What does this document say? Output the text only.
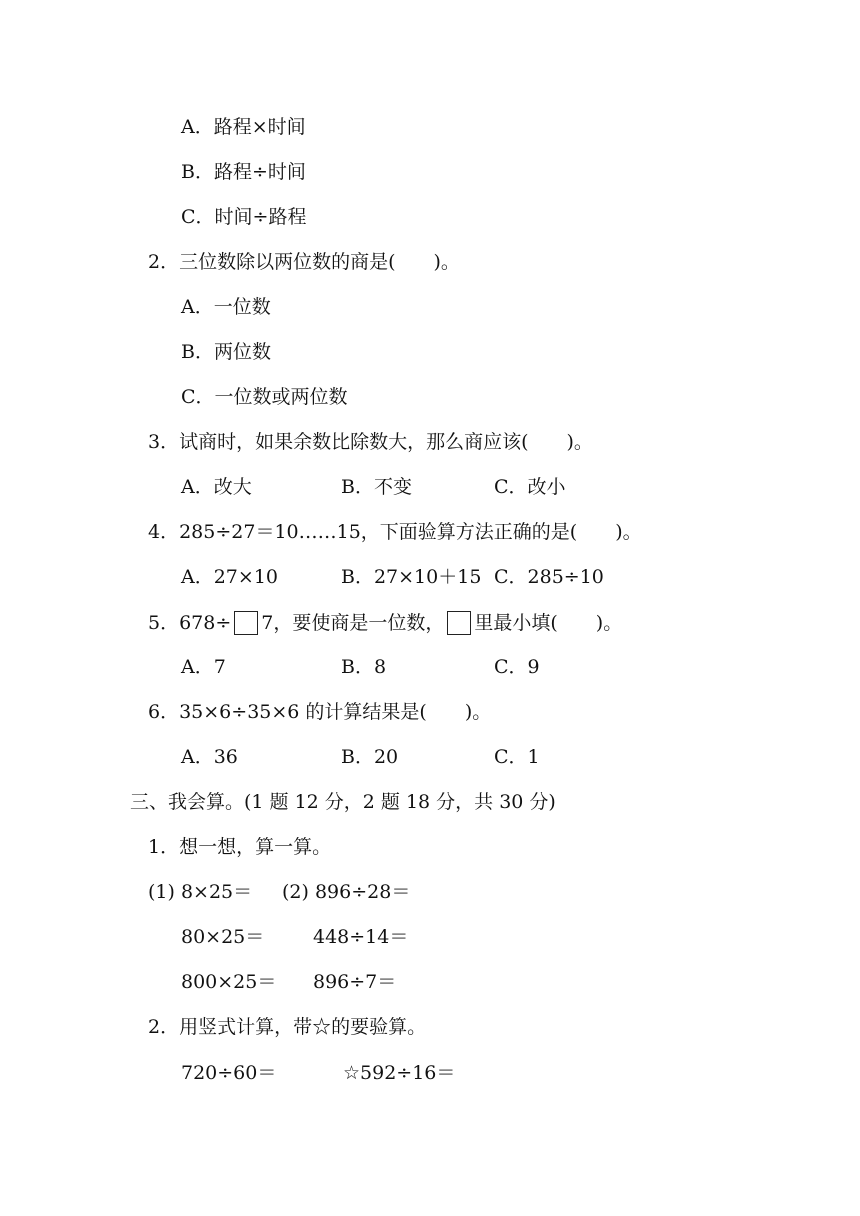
A．路程×时间
B．路程÷时间
C．时间÷路程
2．三位数除以两位数的商是(　　)。
A．一位数
B．两位数
C．一位数或两位数
3．试商时，如果余数比除数大，那么商应该(　　)。
A．改大	B．不变	C．改小
4．285÷27＝10……15，下面验算方法正确的是(　　)。
A．27×10	B．27×10＋15 C．285÷10
5．678÷ 7，要使商是一位数， 里最小填(　　)。
A．7	B．8	C．9
6．35×6÷35×6 的计算结果是(　　)。
A．36	B．20	C．1
三、我会算。(1 题 12 分，2 题 18 分，共 30 分)
1．想一想，算一算。
(1) 8×25＝ (2) 896÷28＝
80×25＝	448÷14＝
800×25＝ 896÷7＝
2．用竖式计算，带☆的要验算。
720÷60＝	☆592÷16＝
